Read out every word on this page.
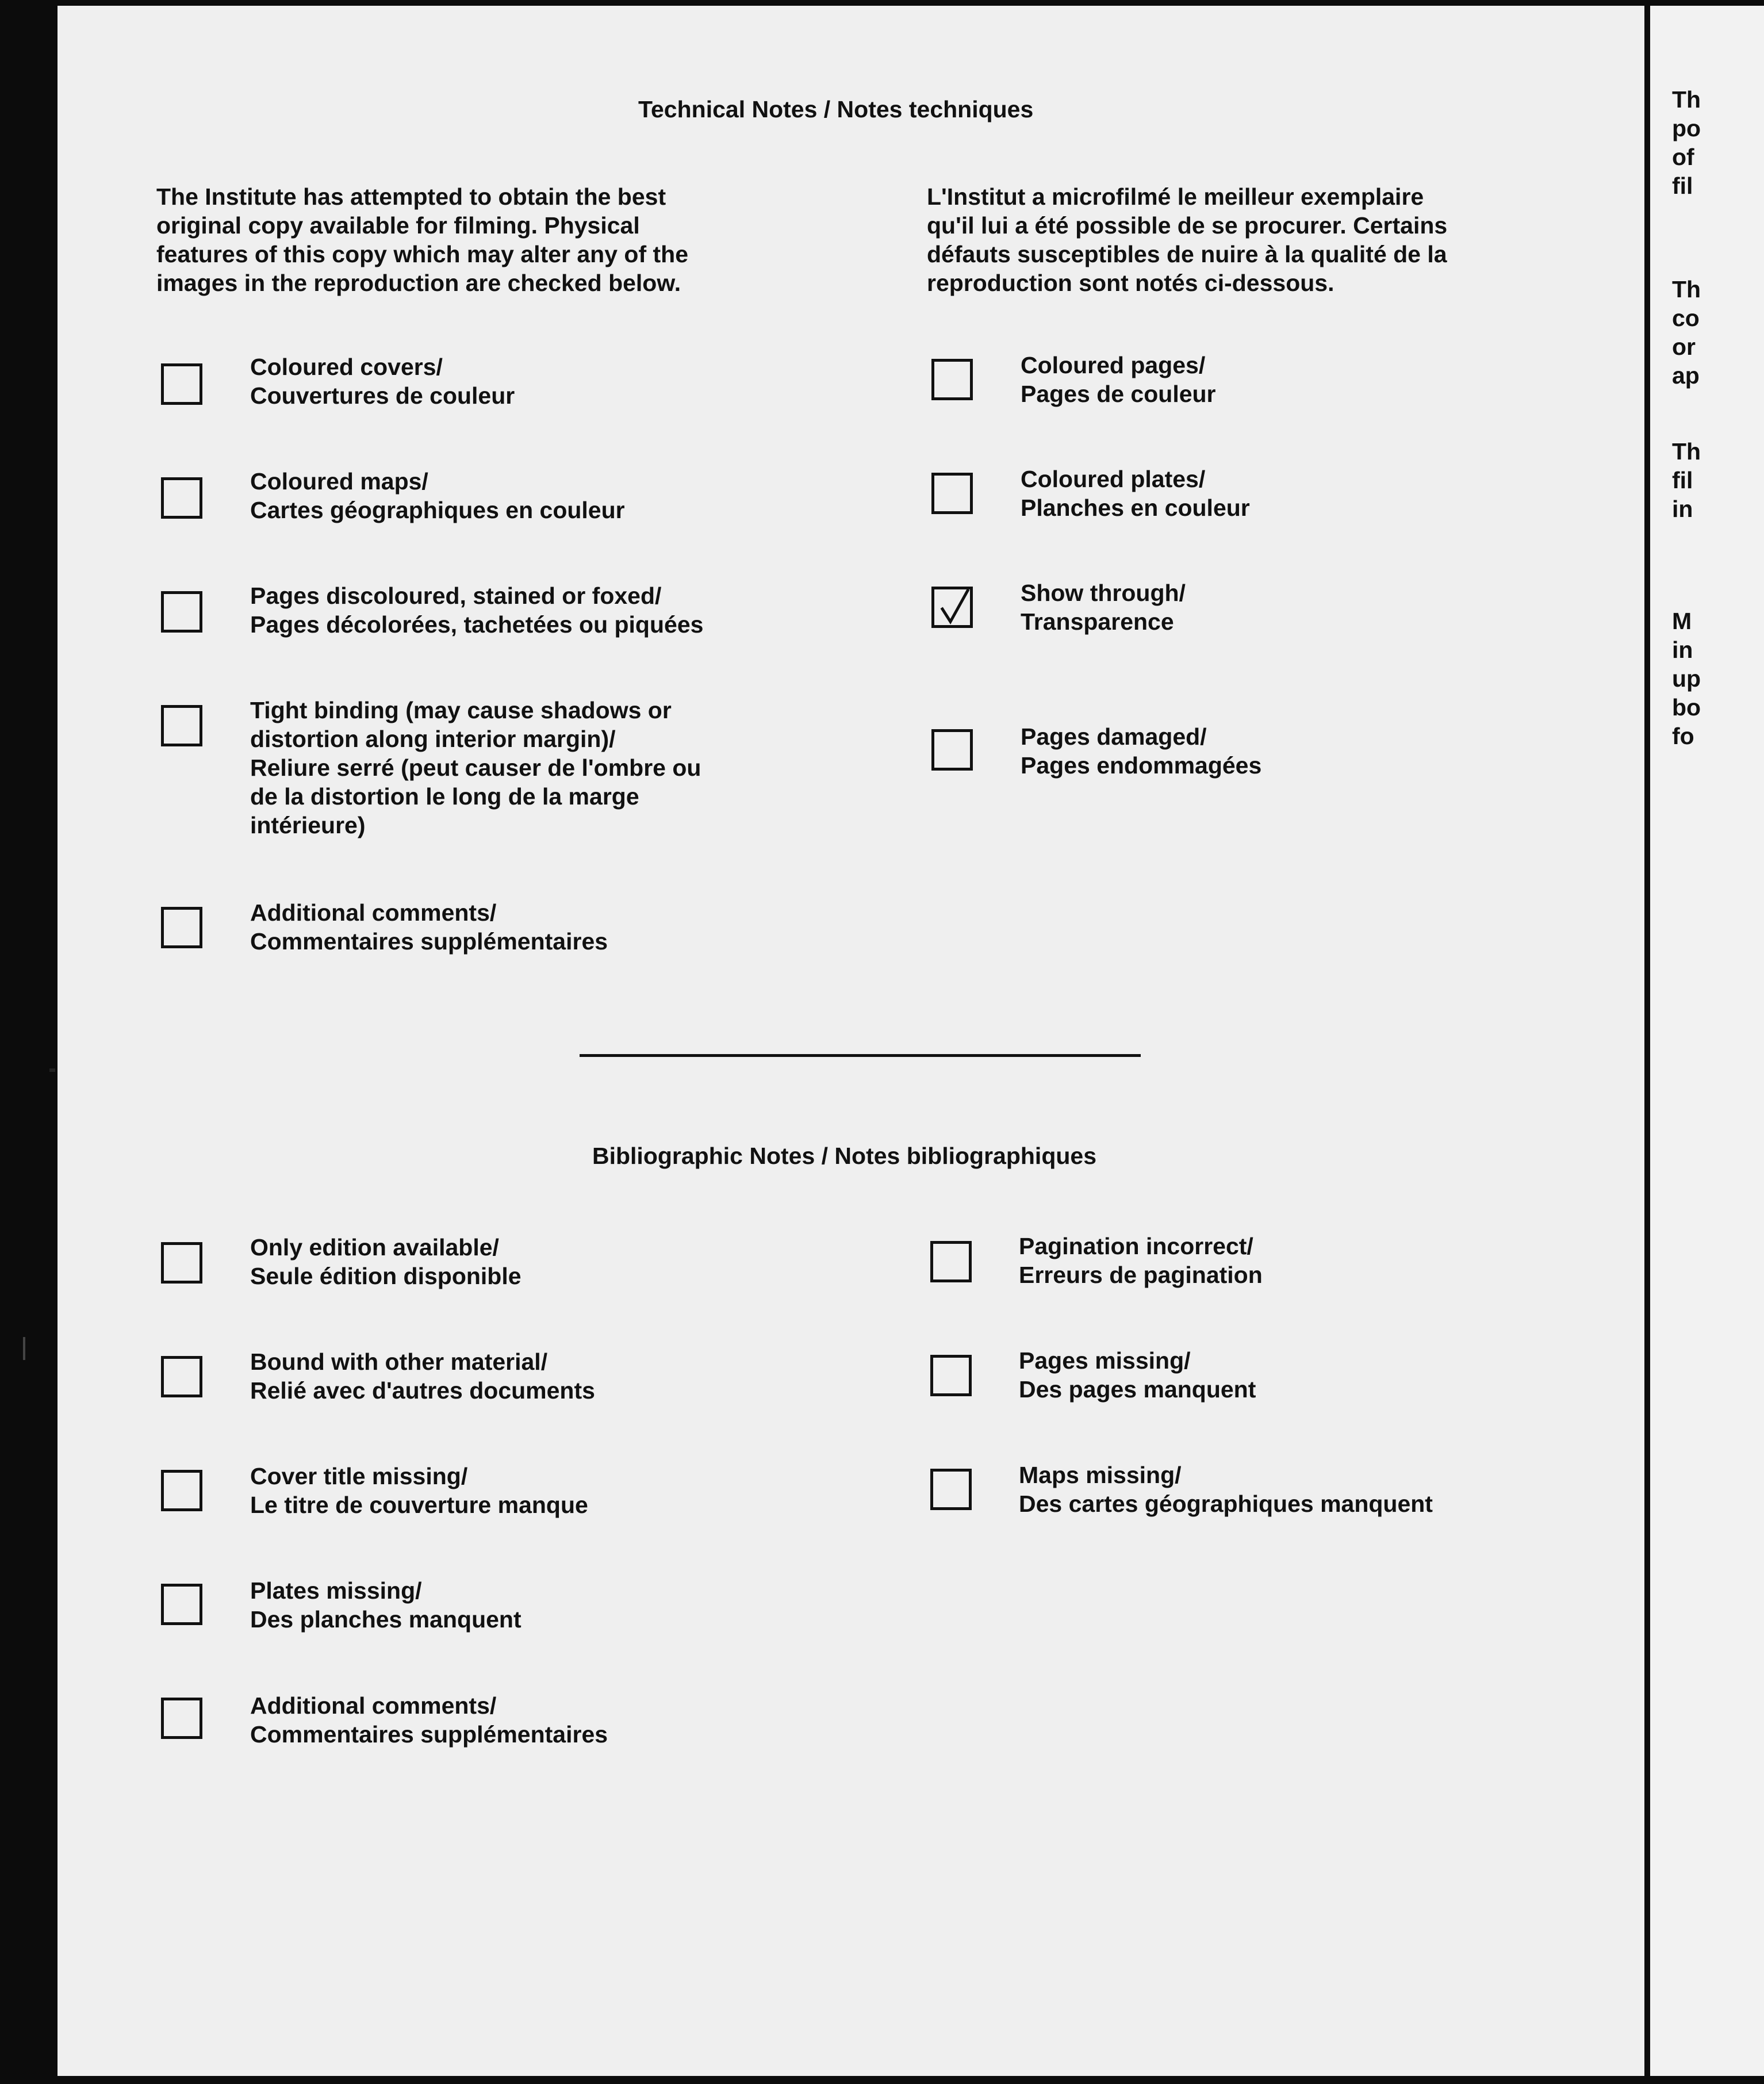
Technical Notes / Notes techniques
The Institute has attempted to obtain the best
original copy available for filming. Physical
features of this copy which may alter any of the
images in the reproduction are checked below.
L'Institut a microfilmé le meilleur exemplaire
qu'il lui a été possible de se procurer. Certains
défauts susceptibles de nuire à la qualité de la
reproduction sont notés ci-dessous.
Coloured covers/
Couvertures de couleur
Coloured maps/
Cartes géographiques en couleur
Pages discoloured, stained or foxed/
Pages décolorées, tachetées ou piquées
Tight binding (may cause shadows or
distortion along interior margin)/
Reliure serré (peut causer de l'ombre ou
de la distortion le long de la marge
intérieure)
Additional comments/
Commentaires supplémentaires
Coloured pages/
Pages de couleur
Coloured plates/
Planches en couleur
Show through/
Transparence
Pages damaged/
Pages endommagées
Bibliographic Notes / Notes bibliographiques
Only edition available/
Seule édition disponible
Bound with other material/
Relié avec d'autres documents
Cover title missing/
Le titre de couverture manque
Plates missing/
Des planches manquent
Additional comments/
Commentaires supplémentaires
Pagination incorrect/
Erreurs de pagination
Pages missing/
Des pages manquent
Maps missing/
Des cartes géographiques manquent
Th
po
of
fil
Th
co
or
ap
Th
fil
in
M
in
up
bo
fo
